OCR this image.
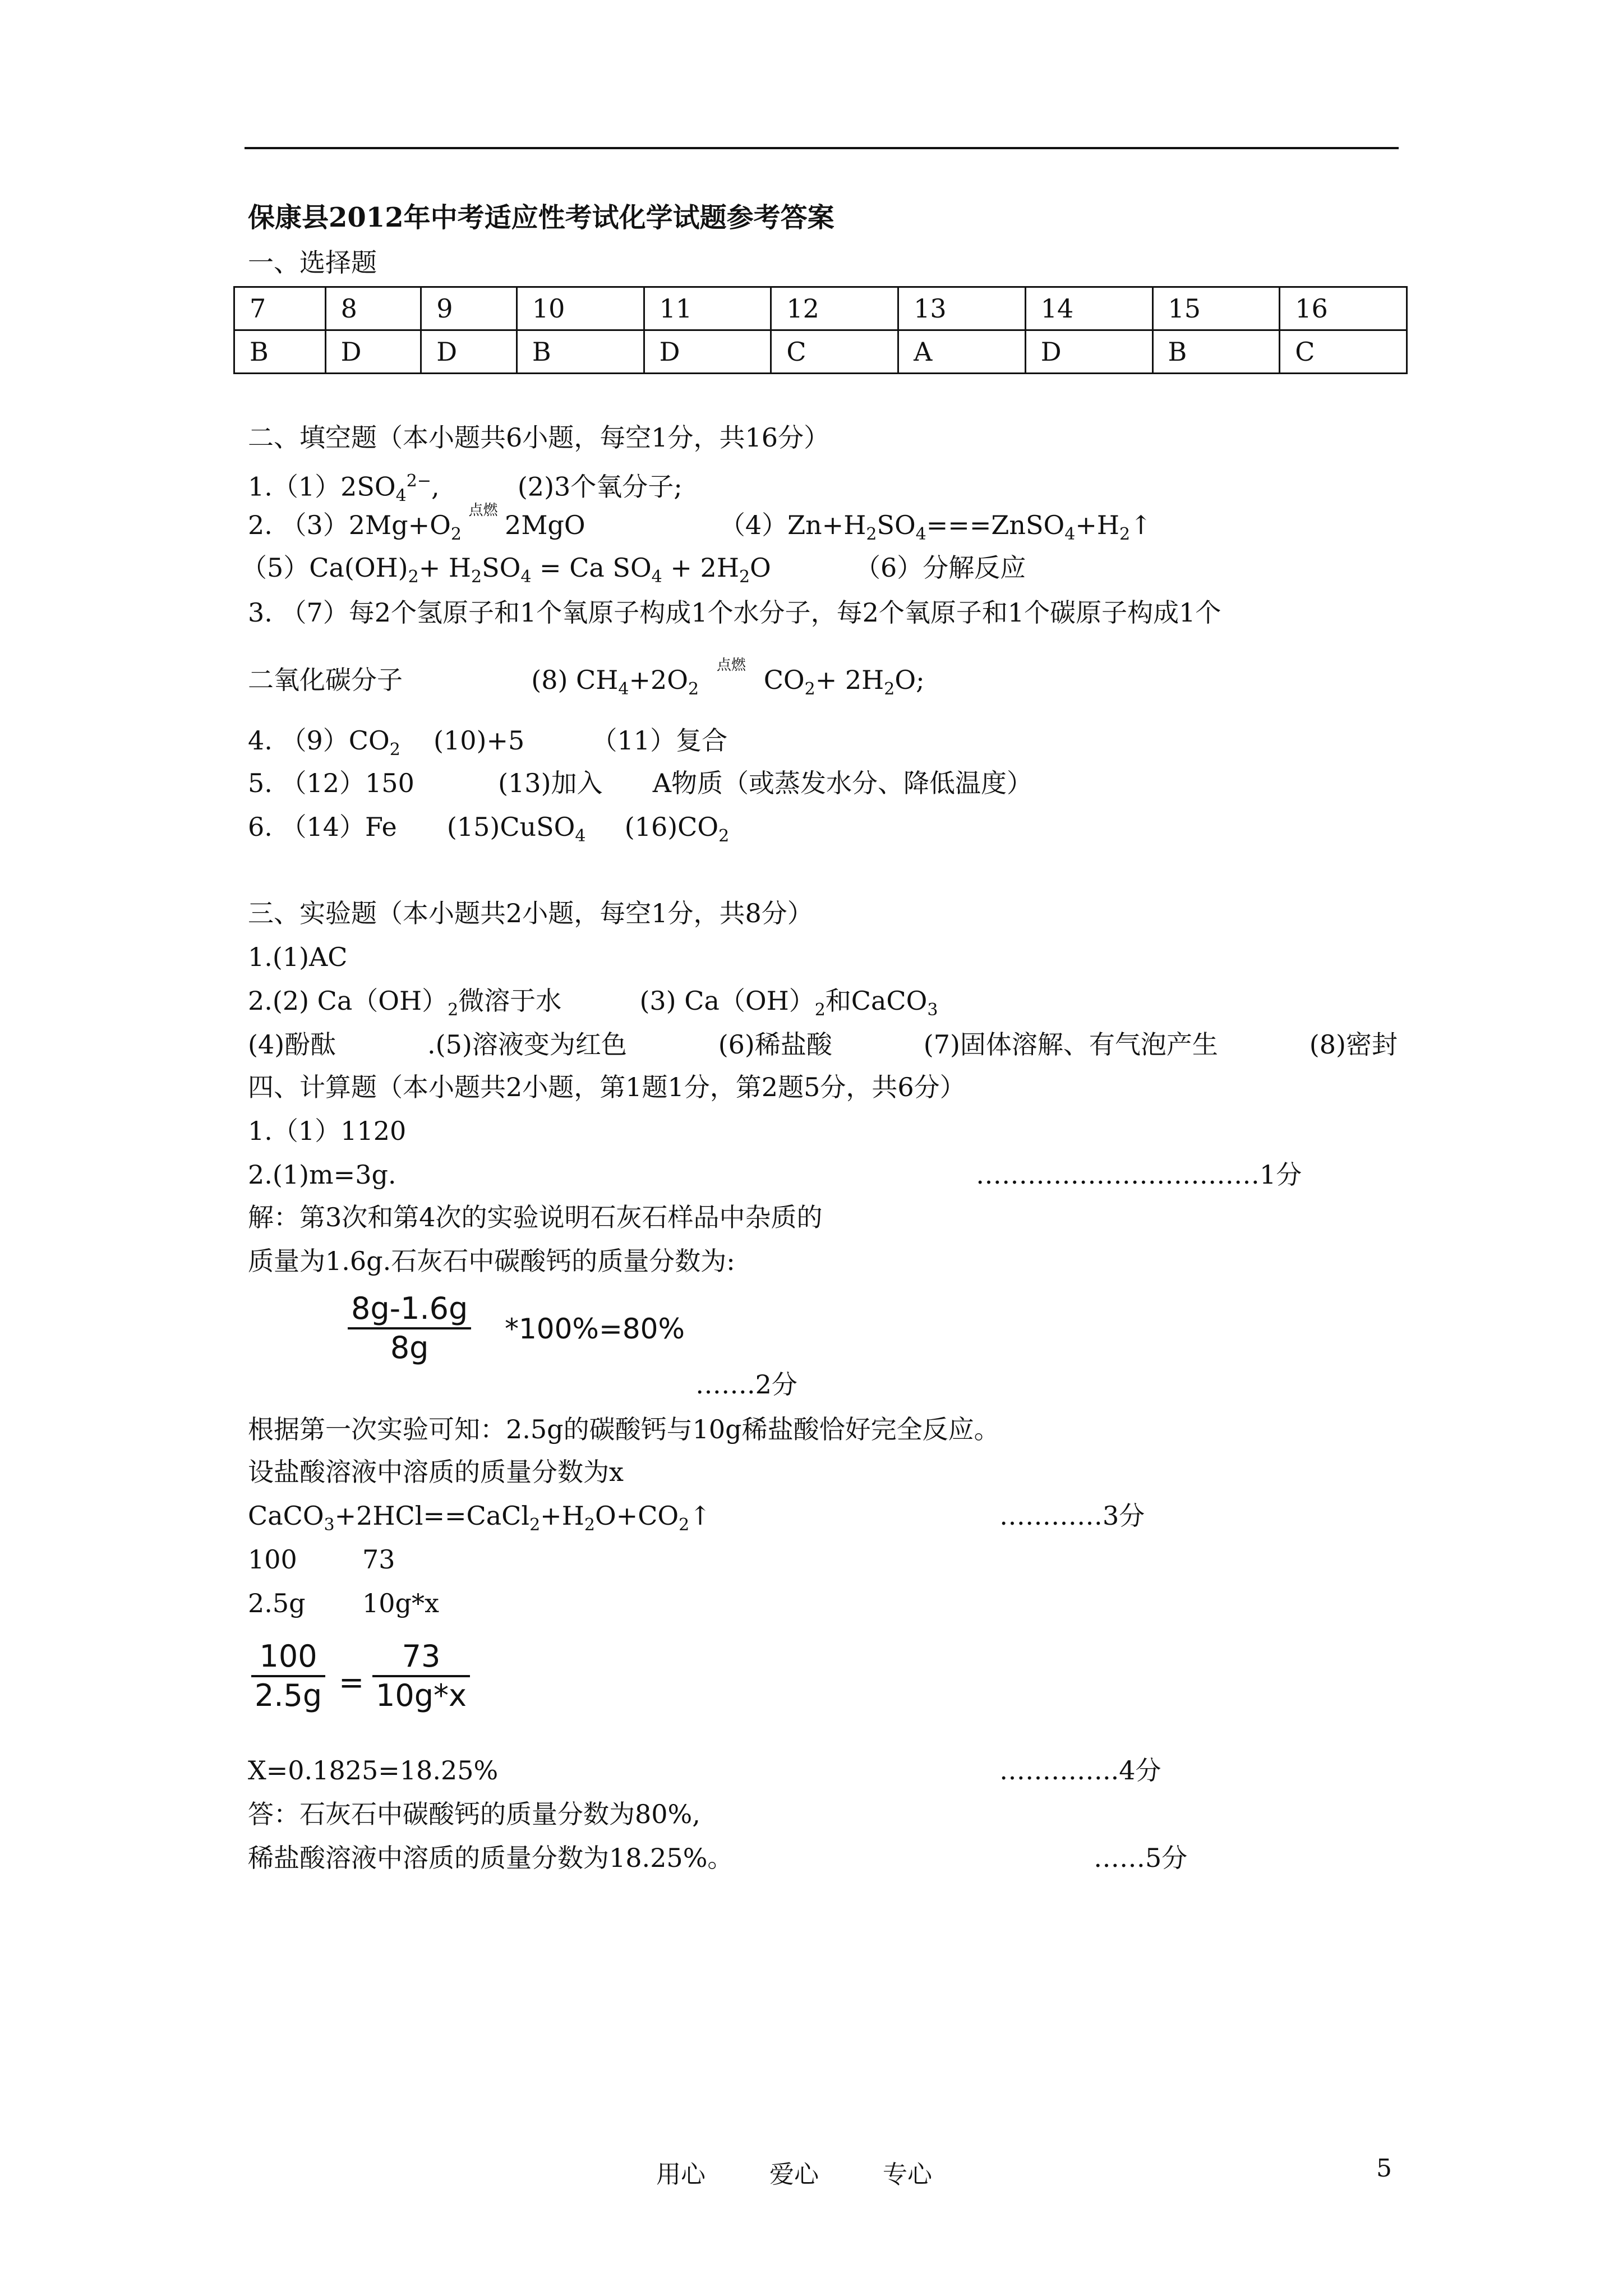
保康县2012年中考适应性考试化学试题参考答案
一、选择题
7	8	9	10	11	12	13	14	15	16
B	D	D	B	D	C	A	D	B	C
二、填空题（本小题共6小题，每空1分，共16分）
$1.(1)2SO_4^{2-}$,	(2)3个氧分子;
2. $(3)2Mg+O_2$
点燃 2MgO	$(4)Zn+H_2SO_4===ZnSO_4+H_2↑$
$(5)Ca(OH)_2+ H_2SO_4 = Ca$ $SO_4 + 2H_2O$	（6）分解反应
3. （7）每2个氢原子和1个氧原子构成1个水分子，每2个氧原子和1个碳原子构成1个
二氧化碳分子	(8) $CH_4+2O_2$
点燃 $CO_2+ 2H_2O$;
4. $(9)CO_2$ (10)+5	（11）复合
5. （12）150	(13)加入 A物质（或蒸发水分、降低温度）
6. （14）Fe (15)CuSO$_4$ $(16)CO_2$
三、实验题（本小题共2小题，每空1分，共8分）
1.(1)AC
2.(2) $Ca(OH)_2$微溶于水	(3) $Ca(OH)_2$和CaCO$_3$
(4)酚酞	.(5)溶液变为红色	(6)稀盐酸	(7)固体溶解、有气泡产生	(8)密封
四、计算题（本小题共2小题，第1题1分，第2题5分，共6分）
1.（1）1120
2.(1)m=3g.	……………………………1分
解：第3次和第4次的实验说明石灰石样品中杂质的
质量为1.6g.石灰石中碳酸钙的质量分数为:
8g-1.6g
8g
*100%=80%
…….2分
根据第一次实验可知：2.5g的碳酸钙与10g稀盐酸恰好完全反应。
设盐酸溶液中溶质的质量分数为x
$CaCO_3+2HCl==CaCl_2+H_2O+CO_2↑$	…………3分
100	73
2.5g 10g*x
100
2.5g =
73
10g*x
X=0.1825=18.25%	…………..4分
答：石灰石中碳酸钙的质量分数为80%,
稀盐酸溶液中溶质的质量分数为18.25%。	……5分
用心	爱心	专心	5
